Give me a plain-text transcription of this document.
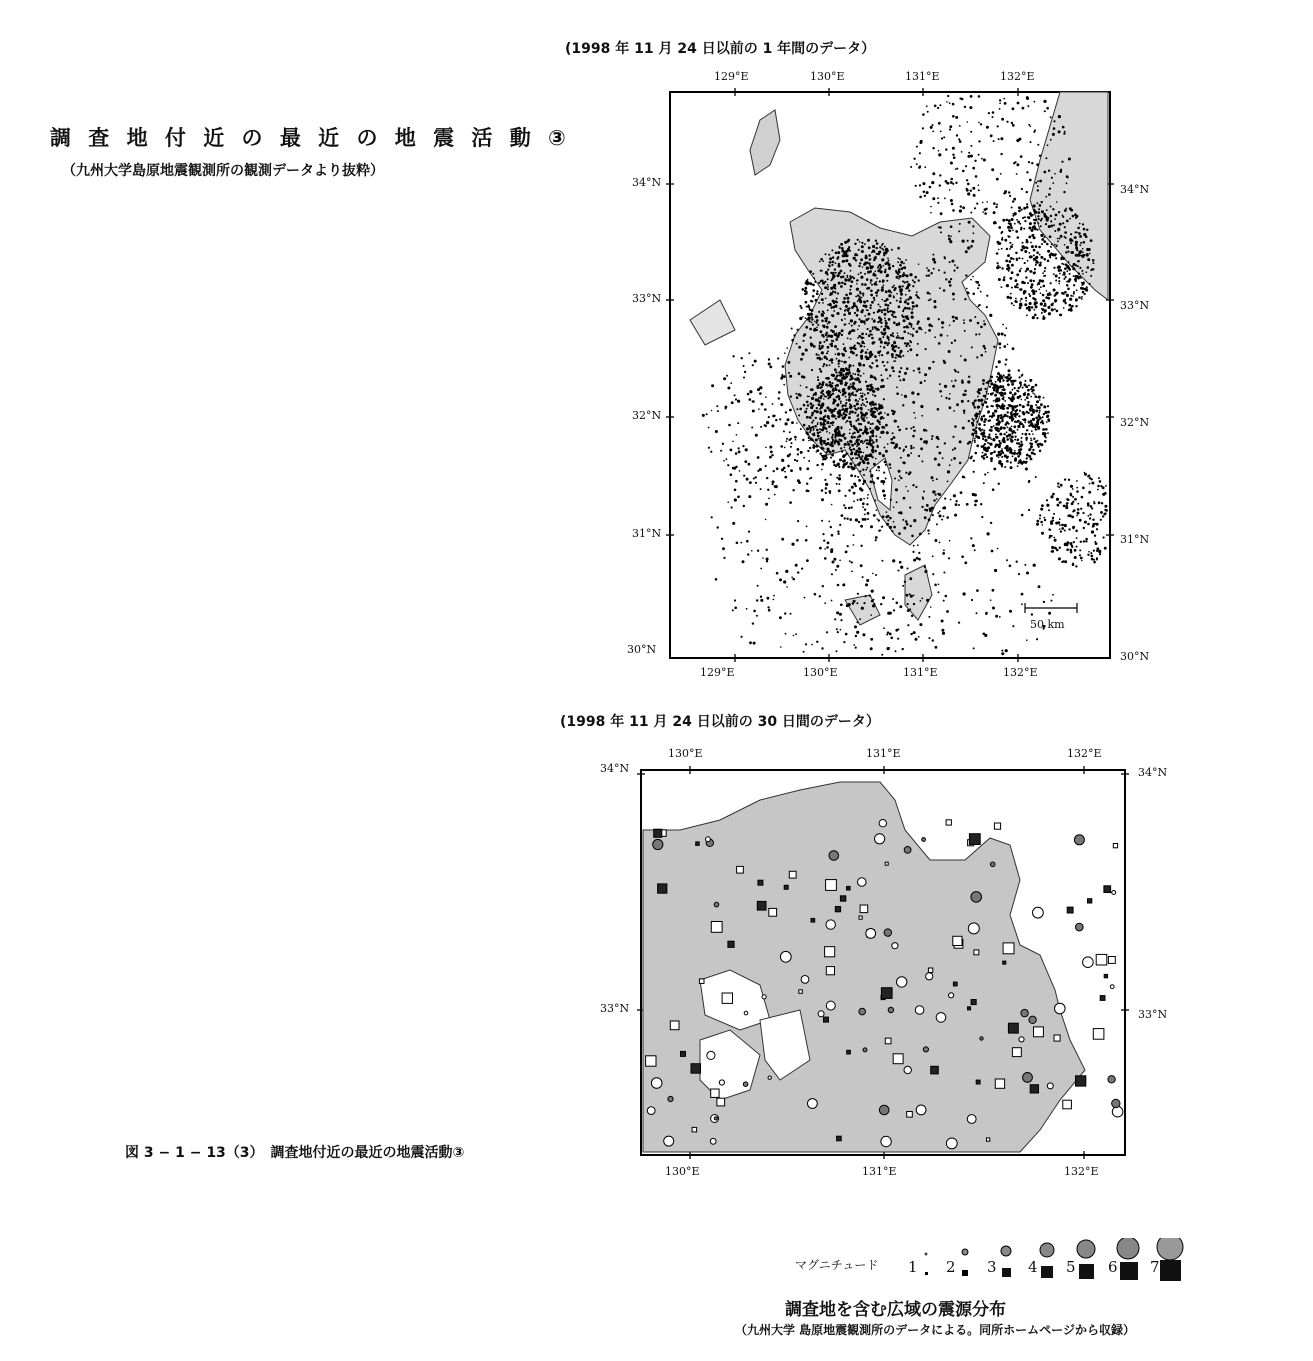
調 査 地 付 近 の 最 近 の 地 震 活 動 ③
（九州大学島原地震観測所の観測データより抜粋）
(1998 年 11 月 24 日以前の 1 年間のデータ）
(1998 年 11 月 24 日以前の 30 日間のデータ）
50 km
129°E	130°E	131°E	132°E
129°E	130°E	131°E	132°E
34°N
33°N
32°N
31°N
30°N
34°N
33°N
32°N
31°N
30°N
130°E	131°E	132°E
130°E	131°E	132°E
34°N
33°N
34°N
33°N
図 3 − 1 − 13（3）　調査地付近の最近の地震活動③
マグニチュード 1 2 3 4 5 6 7
調査地を含む広域の震源分布
（九州大学 島原地震観測所のデータによる。同所ホームページから収録）
